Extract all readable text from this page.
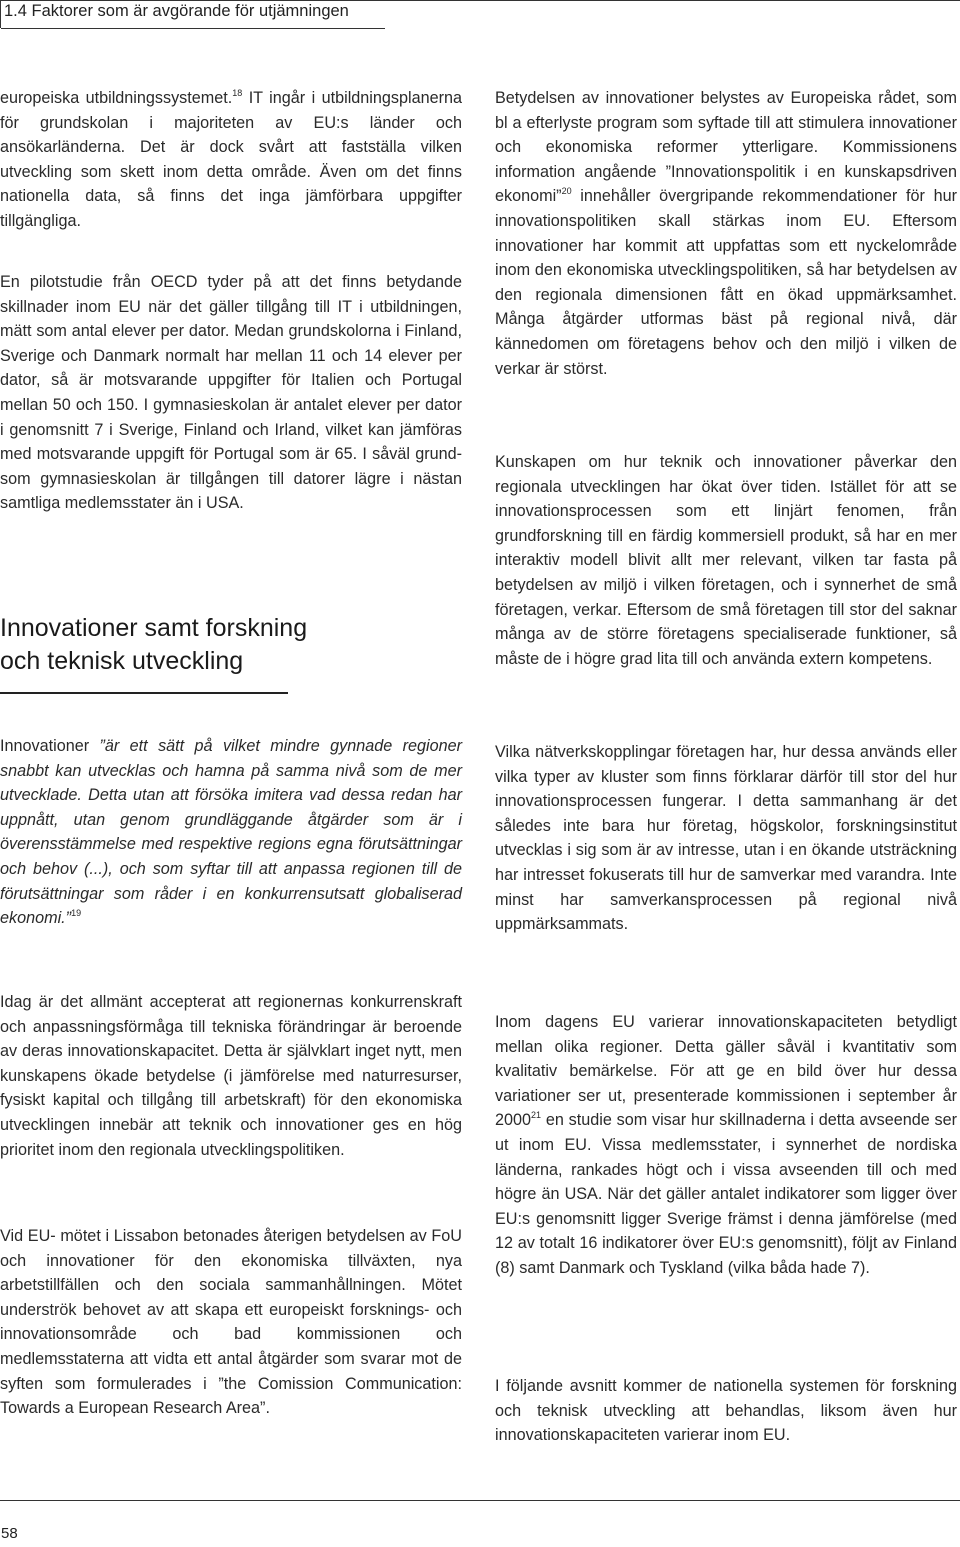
1.4 Faktorer som är avgörande för utjämningen

europeiska utbildningssystemet.$^{18}$ IT ingår i utbildningsplanerna för grundskolan i majoriteten av EU:s länder och ansökarländerna. Det är dock svårt att fastställa vilken utveckling som skett inom detta område. Även om det finns nationella data, så finns det inga jämförbara uppgifter tillgängliga.

En pilotstudie från OECD tyder på att det finns betydande skillnader inom EU när det gäller tillgång till IT i utbildningen, mätt som antal elever per dator. Medan grundskolorna i Finland, Sverige och Danmark normalt har mellan 11 och 14 elever per dator, så är motsvarande uppgifter för Italien och Portugal mellan 50 och 150. I gymnasieskolan är antalet elever per dator i genomsnitt 7 i Sverige, Finland och Irland, vilket kan jämföras med motsvarande uppgift för Portugal som är 65. I såväl grund- som gymnasieskolan är tillgången till datorer lägre i nästan samtliga medlemsstater än i USA.

Innovationer samt forskning
och teknisk utveckling

Innovationer ”är ett sätt på vilket mindre gynnade regioner snabbt kan utvecklas och hamna på samma nivå som de mer utvecklade. Detta utan att försöka imitera vad dessa redan har uppnått, utan genom grundläggande åtgärder som är i överensstämmelse med respektive regions egna förutsättningar och behov (...), och som syftar till att anpassa regionen till de förutsättningar som råder i en konkurrensutsatt globaliserad ekonomi.”$^{19}$

Idag är det allmänt accepterat att regionernas konkurrenskraft och anpassningsförmåga till tekniska förändringar är beroende av deras innovationskapacitet. Detta är självklart inget nytt, men kunskapens ökade betydelse (i jämförelse med naturresurser, fysiskt kapital och tillgång till arbetskraft) för den ekonomiska utvecklingen innebär att teknik och innovationer ges en hög prioritet inom den regionala utvecklingspolitiken.

Vid EU- mötet i Lissabon betonades återigen betydelsen av FoU och innovationer för den ekonomiska tillväxten, nya arbetstillfällen och den sociala sammanhållningen. Mötet underströk behovet av att skapa ett europeiskt forsknings- och innovationsområde och bad kommissionen och medlemsstaterna att vidta ett antal åtgärder som svarar mot de syften som formulerades i ”the Comission Communication: Towards a European Research Area”.

Betydelsen av innovationer belystes av Europeiska rådet, som bl a efterlyste program som syftade till att stimulera innovationer och ekonomiska reformer ytterligare. Kommissionens information angående ”Innovationspolitik i en kunskapsdriven ekonomi”$^{20}$ innehåller övergripande rekommendationer för hur innovationspolitiken skall stärkas inom EU. Eftersom innovationer har kommit att uppfattas som ett nyckelområde inom den ekonomiska utvecklingspolitiken, så har betydelsen av den regionala dimensionen fått en ökad uppmärksamhet. Många åtgärder utformas bäst på regional nivå, där kännedomen om företagens behov och den miljö i vilken de verkar är störst.

Kunskapen om hur teknik och innovationer påverkar den regionala utvecklingen har ökat över tiden. Istället för att se innovationsprocessen som ett linjärt fenomen, från grundforskning till en färdig kommersiell produkt, så har en mer interaktiv modell blivit allt mer relevant, vilken tar fasta på betydelsen av miljö i vilken företagen, och i synnerhet de små företagen, verkar. Eftersom de små företagen till stor del saknar många av de större företagens specialiserade funktioner, så måste de i högre grad lita till och använda extern kompetens.

Vilka nätverkskopplingar företagen har, hur dessa används eller vilka typer av kluster som finns förklarar därför till stor del hur innovationsprocessen fungerar. I detta sammanhang är det således inte bara hur företag, högskolor, forskningsinstitut utvecklas i sig som är av intresse, utan i en ökande utsträckning har intresset fokuserats till hur de samverkar med varandra. Inte minst har samverkansprocessen på regional nivå uppmärksammats.

Inom dagens EU varierar innovationskapaciteten betydligt mellan olika regioner. Detta gäller såväl i kvantitativ som kvalitativ bemärkelse. För att ge en bild över hur dessa variationer ser ut, presenterade kommissionen i september år 2000$^{21}$ en studie som visar hur skillnaderna i detta avseende ser ut inom EU. Vissa medlemsstater, i synnerhet de nordiska länderna, rankades högt och i vissa avseenden till och med högre än USA. När det gäller antalet indikatorer som ligger över EU:s genomsnitt ligger Sverige främst i denna jämförelse (med 12 av totalt 16 indikatorer över EU:s genomsnitt), följt av Finland (8) samt Danmark och Tyskland (vilka båda hade 7).

I följande avsnitt kommer de nationella systemen för forskning och teknisk utveckling att behandlas, liksom även hur innovationskapaciteten varierar inom EU.

58
